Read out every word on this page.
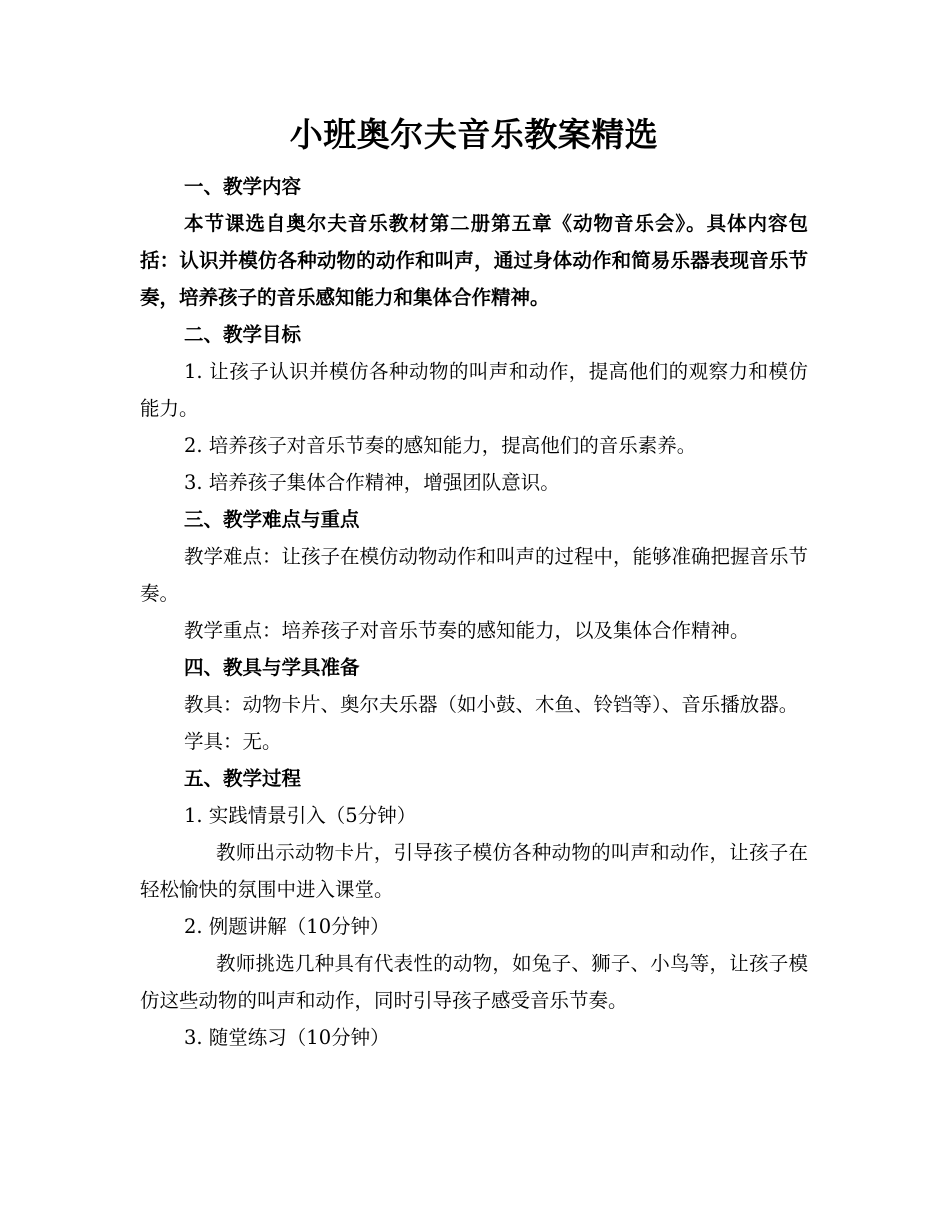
小班奥尔夫音乐教案精选

一、教学内容

本节课选自奥尔夫音乐教材第二册第五章《动物音乐会》。具体内容包括：认识并模仿各种动物的动作和叫声，通过身体动作和简易乐器表现音乐节奏，培养孩子的音乐感知能力和集体合作精神。

二、教学目标

1. 让孩子认识并模仿各种动物的叫声和动作，提高他们的观察力和模仿能力。

2. 培养孩子对音乐节奏的感知能力，提高他们的音乐素养。

3. 培养孩子集体合作精神，增强团队意识。

三、教学难点与重点

教学难点：让孩子在模仿动物动作和叫声的过程中，能够准确把握音乐节奏。

教学重点：培养孩子对音乐节奏的感知能力，以及集体合作精神。

四、教具与学具准备

教具：动物卡片、奥尔夫乐器（如小鼓、木鱼、铃铛等）、音乐播放器。

学具：无。

五、教学过程

1. 实践情景引入（5分钟）

教师出示动物卡片，引导孩子模仿各种动物的叫声和动作，让孩子在轻松愉快的氛围中进入课堂。

2. 例题讲解（10分钟）

教师挑选几种具有代表性的动物，如兔子、狮子、小鸟等，让孩子模仿这些动物的叫声和动作，同时引导孩子感受音乐节奏。

3. 随堂练习（10分钟）
